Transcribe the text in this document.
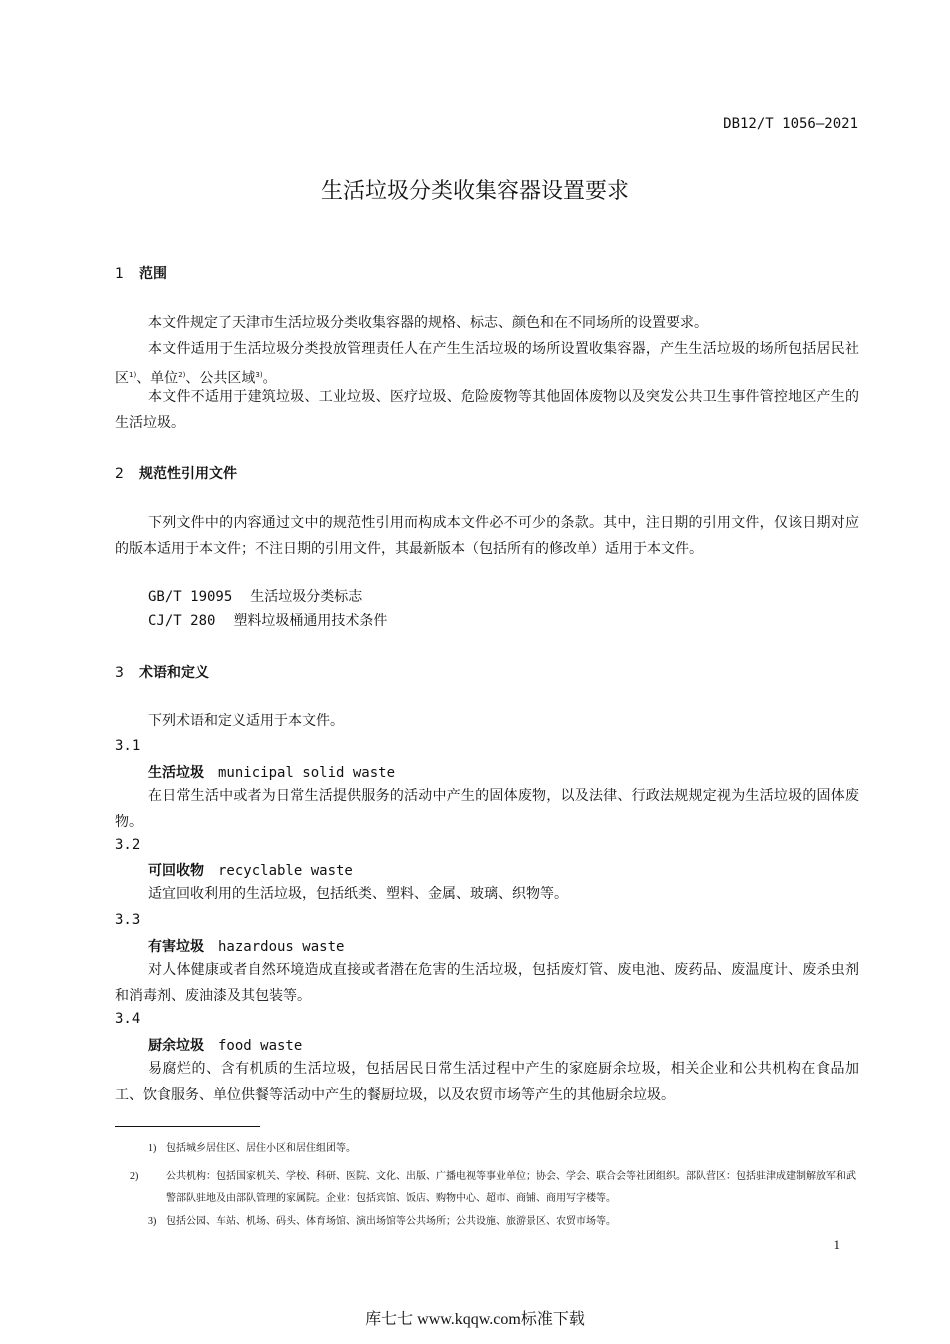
DB12/T 1056—2021
生活垃圾分类收集容器设置要求
1 范围
本文件规定了天津市生活垃圾分类收集容器的规格、标志、颜色和在不同场所的设置要求。
本文件适用于生活垃圾分类投放管理责任人在产生生活垃圾的场所设置收集容器，产生生活垃圾的场所包括居民社区$^{1)}$、单位$^{2)}$、公共区域$^{3)}$。
本文件不适用于建筑垃圾、工业垃圾、医疗垃圾、危险废物等其他固体废物以及突发公共卫生事件管控地区产生的生活垃圾。
2 规范性引用文件
下列文件中的内容通过文中的规范性引用而构成本文件必不可少的条款。其中，注日期的引用文件，仅该日期对应的版本适用于本文件；不注日期的引用文件，其最新版本（包括所有的修改单）适用于本文件。
GB/T 19095 生活垃圾分类标志
CJ/T 280 塑料垃圾桶通用技术条件
3 术语和定义
下列术语和定义适用于本文件。
3.1
生活垃圾 municipal solid waste
在日常生活中或者为日常生活提供服务的活动中产生的固体废物，以及法律、行政法规规定视为生活垃圾的固体废物。
3.2
可回收物 recyclable waste
适宜回收利用的生活垃圾，包括纸类、塑料、金属、玻璃、织物等。
3.3
有害垃圾 hazardous waste
对人体健康或者自然环境造成直接或者潜在危害的生活垃圾，包括废灯管、废电池、废药品、废温度计、废杀虫剂和消毒剂、废油漆及其包装等。
3.4
厨余垃圾 food waste
易腐烂的、含有机质的生活垃圾，包括居民日常生活过程中产生的家庭厨余垃圾，相关企业和公共机构在食品加工、饮食服务、单位供餐等活动中产生的餐厨垃圾，以及农贸市场等产生的其他厨余垃圾。
1) 包括城乡居住区、居住小区和居住组团等。
2)	公共机构：包括国家机关、学校、科研、医院、文化、出版、广播电视等事业单位；协会、学会、联合会等社团组织。部队营区：包括驻津成建制解放军和武警部队驻地及由部队管理的家属院。企业：包括宾馆、饭店、购物中心、超市、商铺、商用写字楼等。
3) 包括公园、车站、机场、码头、体育场馆、演出场馆等公共场所；公共设施、旅游景区、农贸市场等。
1
库七七 www.kqqw.com标准下载
